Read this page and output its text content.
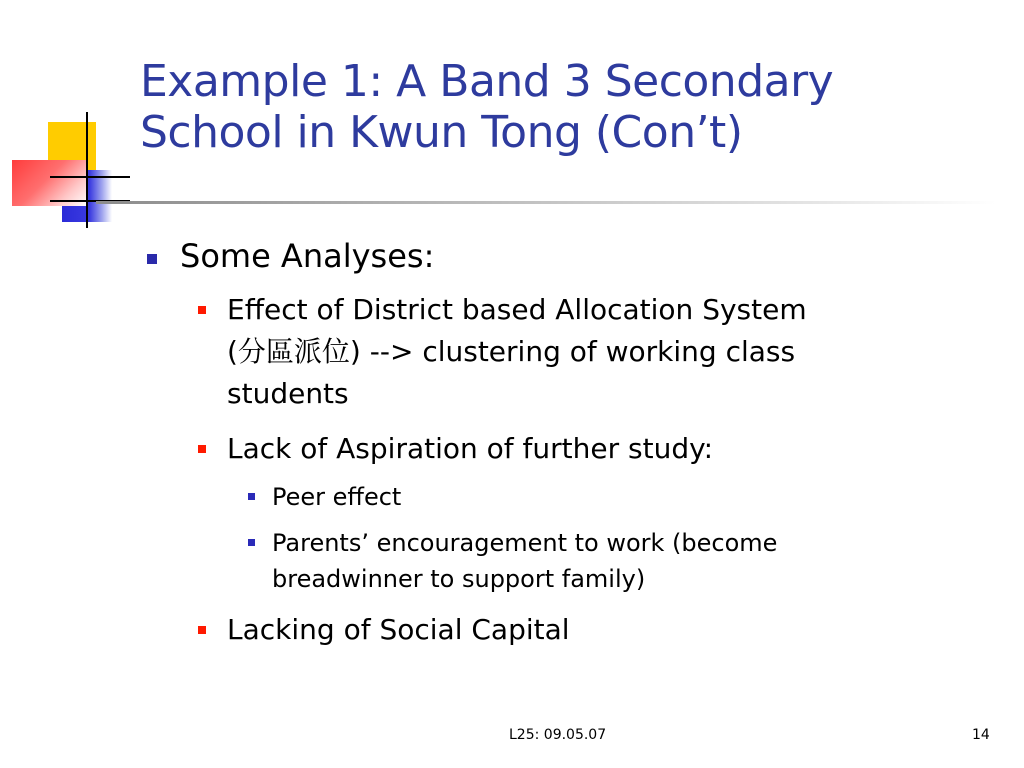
Example 1: A Band 3 Secondary
School in Kwun Tong (Con’t)
Some Analyses:
Effect of District based Allocation System
(分區派位) --> clustering of working class
students
Lack of Aspiration of further study:
Peer effect
Parents’ encouragement to work (become
breadwinner to support family)
Lacking of Social Capital
L25: 09.05.07	14
